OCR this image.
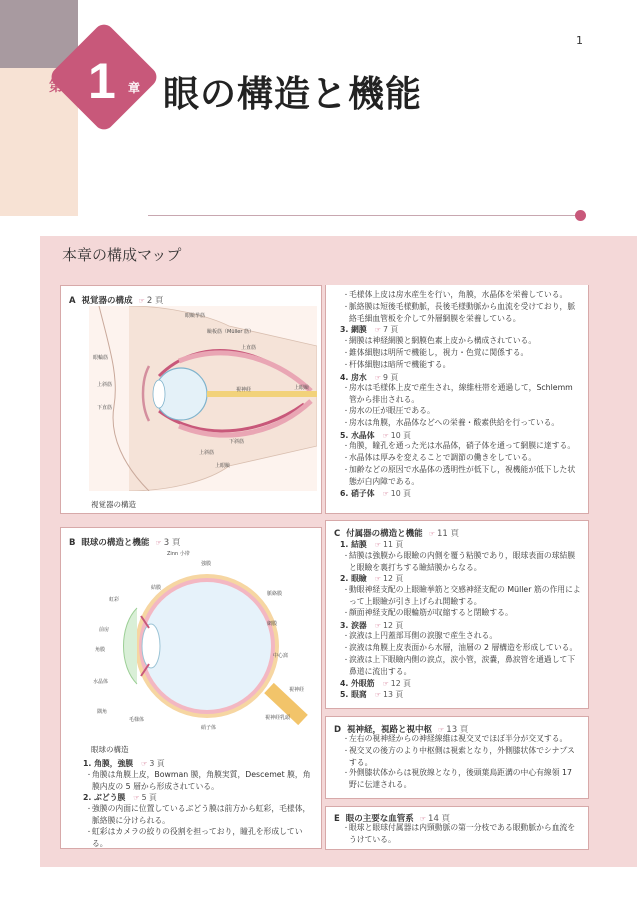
1
第 1 章 眼の構造と機能
本章の構成マップ
A 視覚器の構成 ☞ 2 頁
眼瞼挙筋
瞼板筋（Müller 筋）
上直筋
眼輪筋
上斜筋
視神経	上眼瞼
下直筋
下斜筋
上斜筋
上眼瞼
視覚器の構造
B 眼球の構造と機能 ☞ 3 頁
Zinn 小帯
虹彩
強膜
水晶体
毛様体
脈絡膜
網膜
角膜
前房
中心窩
視神経
視神経乳頭
結膜
隅角
硝子体
眼球の構造
1. 角膜，強膜 ☞ 3 頁
・ 角膜は角膜上皮，Bowman 膜，角膜実質，Descemet 膜，角膜内皮の 5 層から形成されている。
2. ぶどう膜 ☞ 5 頁
・ 強膜の内面に位置しているぶどう膜は前方から虹彩，毛様体，脈絡膜に分けられる。
・ 虹彩はカメラの絞りの役割を担っており，瞳孔を形成している。
・ 毛様体上皮は房水産生を行い，角膜，水晶体を栄養している。
・ 脈絡膜は短後毛様動脈，長後毛様動脈から血流を受けており，脈絡毛細血管板を介して外層網膜を栄養している。
3. 網膜 ☞ 7 頁
・ 網膜は神経網膜と網膜色素上皮から構成されている。
・ 錐体細胞は明所で機能し，視力・色覚に関係する。
・ 杆体細胞は暗所で機能する。
4. 房水 ☞ 9 頁
・ 房水は毛様体上皮で産生され，線維柱帯を通過して，Schlemm 管から排出される。
・ 房水の圧が眼圧である。
・ 房水は角膜，水晶体などへの栄養・酸素供給を行っている。
5. 水晶体 ☞ 10 頁
・ 角膜，瞳孔を通った光は水晶体，硝子体を通って網膜に達する。
・ 水晶体は厚みを変えることで調節の働きをしている。
・ 加齢などの原因で水晶体の透明性が低下し，視機能が低下した状態が白内障である。
6. 硝子体 ☞ 10 頁
C 付属器の構造と機能 ☞ 11 頁
1. 結膜 ☞ 11 頁
・ 結膜は強膜から眼瞼の内側を覆う粘膜であり，眼球表面の球結膜と眼瞼を裏打ちする瞼結膜からなる。
2. 眼瞼 ☞ 12 頁
・ 動眼神経支配の上眼瞼挙筋と交感神経支配の Müller 筋の作用によって上眼瞼が引き上げられ開瞼する。
・ 顔面神経支配の眼輪筋が収縮すると閉瞼する。
3. 涙器 ☞ 12 頁
・ 涙液は上円蓋部耳側の涙腺で産生される。
・ 涙液は角膜上皮表面から水層，油層の 2 層構造を形成している。
・ 涙液は上下眼瞼内側の涙点，涙小管，涙嚢，鼻涙管を通過して下鼻道に流出する。
4. 外眼筋 ☞ 12 頁
5. 眼窩 ☞ 13 頁
D 視神経，視路と視中枢 ☞ 13 頁
・ 左右の視神経からの神経線維は視交叉でほぼ半分が交叉する。
・ 視交叉の後方のより中枢側は視索となり，外側膝状体でシナプスする。
・ 外側膝状体からは視放線となり，後頭葉鳥距溝の中心有線領 17 野に伝達される。
E 眼の主要な血管系 ☞ 14 頁
・ 眼球と眼球付属器は内頸動脈の第一分枝である眼動脈から血流をうけている。
